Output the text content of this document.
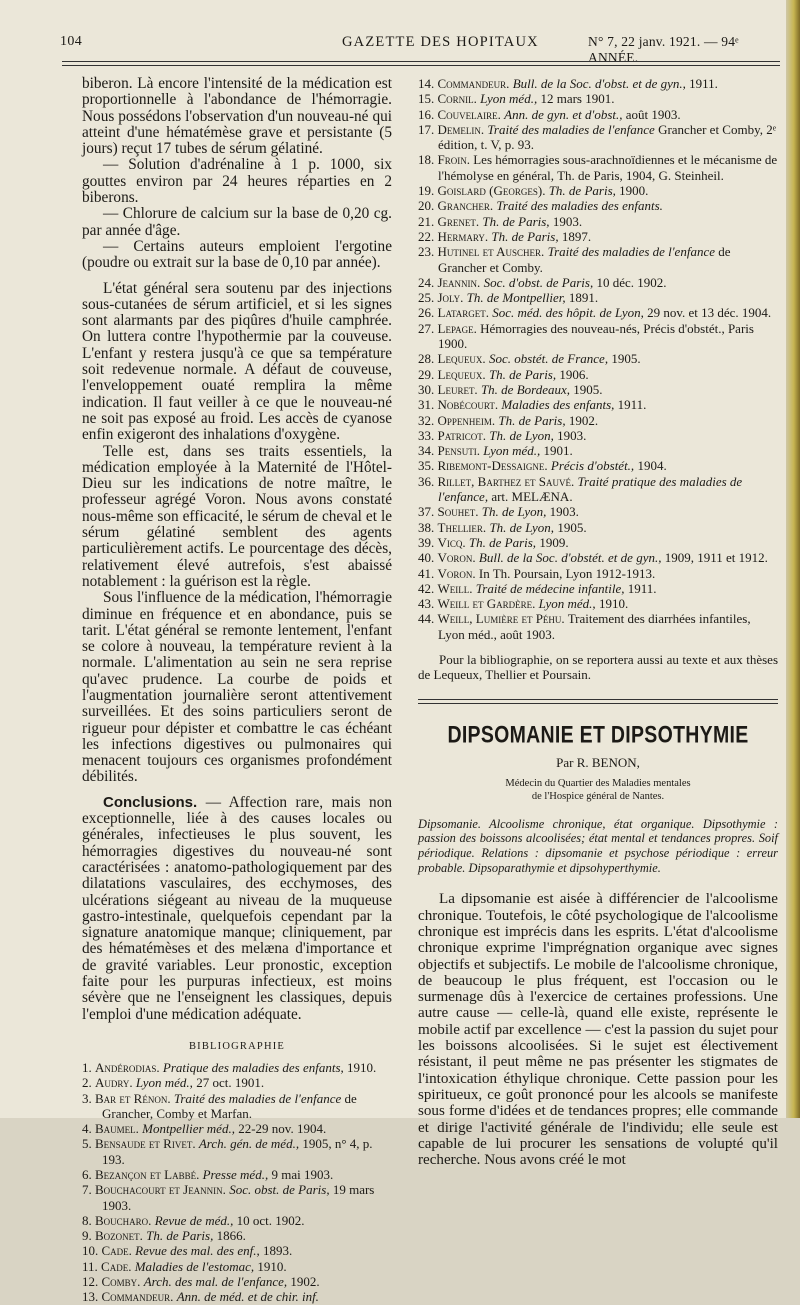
104	GAZETTE DES HOPITAUX	N° 7, 22 janv. 1921. — 94ᵉ ANNÉE.

biberon. Là encore l'intensité de la médication est proportionnelle à l'abondance de l'hémorragie. Nous possédons l'observation d'un nouveau-né qui atteint d'une hématémèse grave et persistante (5 jours) reçut 17 tubes de sérum gélatiné.

— Solution d'adrénaline à 1 p. 1000, six gouttes environ par 24 heures réparties en 2 biberons.

— Chlorure de calcium sur la base de 0,20 cg. par année d'âge.

— Certains auteurs emploient l'ergotine (poudre ou extrait sur la base de 0,10 par année).

L'état général sera soutenu par des injections sous-cutanées de sérum artificiel, et si les signes sont alarmants par des piqûres d'huile camphrée. On luttera contre l'hypothermie par la couveuse. L'enfant y restera jusqu'à ce que sa température soit redevenue normale. A défaut de couveuse, l'enveloppement ouaté remplira la même indication. Il faut veiller à ce que le nouveau-né ne soit pas exposé au froid. Les accès de cyanose enfin exigeront des inhalations d'oxygène.

Telle est, dans ses traits essentiels, la médication employée à la Maternité de l'Hôtel-Dieu sur les indications de notre maître, le professeur agrégé Voron. Nous avons constaté nous-même son efficacité, le sérum de cheval et le sérum gélatiné semblent des agents particulièrement actifs. Le pourcentage des décès, relativement élevé autrefois, s'est abaissé notablement : la guérison est la règle.

Sous l'influence de la médication, l'hémorragie diminue en fréquence et en abondance, puis se tarit. L'état général se remonte lentement, l'enfant se colore à nouveau, la température revient à la normale. L'alimentation au sein ne sera reprise qu'avec prudence. La courbe de poids et l'augmentation journalière seront attentivement surveillées. Et des soins particuliers seront de rigueur pour dépister et combattre le cas échéant les infections digestives ou pulmonaires qui menacent toujours ces organismes profondément débilités.

Conclusions. — Affection rare, mais non exceptionnelle, liée à des causes locales ou générales, infectieuses le plus souvent, les hémorragies digestives du nouveau-né sont caractérisées : anatomo-pathologiquement par des dilatations vasculaires, des ecchymoses, des ulcérations siégeant au niveau de la muqueuse gastro-intestinale, quelquefois cependant par la signature anatomique manque; cliniquement, par des hématémèses et des melæna d'importance et de gravité variables. Leur pronostic, exception faite pour les purpuras infectieux, est moins sévère que ne l'enseignent les classiques, depuis l'emploi d'une médication adéquate.

BIBLIOGRAPHIE

1. Andérodias. Pratique des maladies des enfants, 1910.

2. Audry. Lyon méd., 27 oct. 1901.

3. Bar et Rénon. Traité des maladies de l'enfance de Grancher, Comby et Marfan.

4. Baumel. Montpellier méd., 22-29 nov. 1904.

5. Bensaude et Rivet. Arch. gén. de méd., 1905, n° 4, p. 193.

6. Bezançon et Labbé. Presse méd., 9 mai 1903.

7. Bouchacourt et Jeannin. Soc. obst. de Paris, 19 mars 1903.

8. Boucharo. Revue de méd., 10 oct. 1902.

9. Bozonet. Th. de Paris, 1866.

10. Cade. Revue des mal. des enf., 1893.

11. Cade. Maladies de l'estomac, 1910.

12. Comby. Arch. des mal. de l'enfance, 1902.

13. Commandeur. Ann. de méd. et de chir. inf.

14. Commandeur. Bull. de la Soc. d'obst. et de gyn., 1911.

15. Cornil. Lyon méd., 12 mars 1901.

16. Couvelaire. Ann. de gyn. et d'obst., août 1903.

17. Demelin. Traité des maladies de l'enfance Grancher et Comby, 2ᵉ édition, t. V, p. 93.

18. Froin. Les hémorragies sous-arachnoïdiennes et le mécanisme de l'hémolyse en général, Th. de Paris, 1904, G. Steinheil.

19. Goislard (Georges). Th. de Paris, 1900.

20. Grancher. Traité des maladies des enfants.

21. Grenet. Th. de Paris, 1903.

22. Hermary. Th. de Paris, 1897.

23. Hutinel et Auscher. Traité des maladies de l'enfance de Grancher et Comby.

24. Jeannin. Soc. d'obst. de Paris, 10 déc. 1902.

25. Joly. Th. de Montpellier, 1891.

26. Latarget. Soc. méd. des hôpit. de Lyon, 29 nov. et 13 déc. 1904.

27. Lepage. Hémorragies des nouveau-nés, Précis d'obstét., Paris 1900.

28. Lequeux. Soc. obstét. de France, 1905.

29. Lequeux. Th. de Paris, 1906.

30. Leuret. Th. de Bordeaux, 1905.

31. Nobécourt. Maladies des enfants, 1911.

32. Oppenheim. Th. de Paris, 1902.

33. Patricot. Th. de Lyon, 1903.

34. Pensuti. Lyon méd., 1901.

35. Ribemont-Dessaigne. Précis d'obstét., 1904.

36. Rillet, Barthez et Sauvé. Traité pratique des maladies de l'enfance, art. MELÆNA.

37. Souhet. Th. de Lyon, 1903.

38. Thellier. Th. de Lyon, 1905.

39. Vicq. Th. de Paris, 1909.

40. Voron. Bull. de la Soc. d'obstét. et de gyn., 1909, 1911 et 1912.

41. Voron. In Th. Poursain, Lyon 1912-1913.

42. Weill. Traité de médecine infantile, 1911.

43. Weill et Gardère. Lyon méd., 1910.

44. Weill, Lumière et Péhu. Traitement des diarrhées infantiles, Lyon méd., août 1903.

Pour la bibliographie, on se reportera aussi au texte et aux thèses de Lequeux, Thellier et Poursain.

DIPSOMANIE ET DIPSOTHYMIE
Par R. BENON,
Médecin du Quartier des Maladies mentales
de l'Hospice général de Nantes.

Dipsomanie. Alcoolisme chronique, état organique. Dipsothymie : passion des boissons alcoolisées; état mental et tendances propres. Soif périodique. Relations : dipsomanie et psychose périodique : erreur probable. Dipsoparathymie et dipsohyperthymie.

La dipsomanie est aisée à différencier de l'alcoolisme chronique. Toutefois, le côté psychologique de l'alcoolisme chronique est imprécis dans les esprits. L'état d'alcoolisme chronique exprime l'imprégnation organique avec signes objectifs et subjectifs. Le mobile de l'alcoolisme chronique, de beaucoup le plus fréquent, est l'occasion ou le surmenage dûs à l'exercice de certaines professions. Une autre cause — celle-là, quand elle existe, représente le mobile actif par excellence — c'est la passion du sujet pour les boissons alcoolisées. Si le sujet est électivement résistant, il peut même ne pas présenter les stigmates de l'intoxication éthylique chronique. Cette passion pour les spiritueux, ce goût prononcé pour les alcools se manifeste sous forme d'idées et de tendances propres; elle commande et dirige l'activité générale de l'individu; elle seule est capable de lui procurer les sensations de volupté qu'il recherche. Nous avons créé le mot
